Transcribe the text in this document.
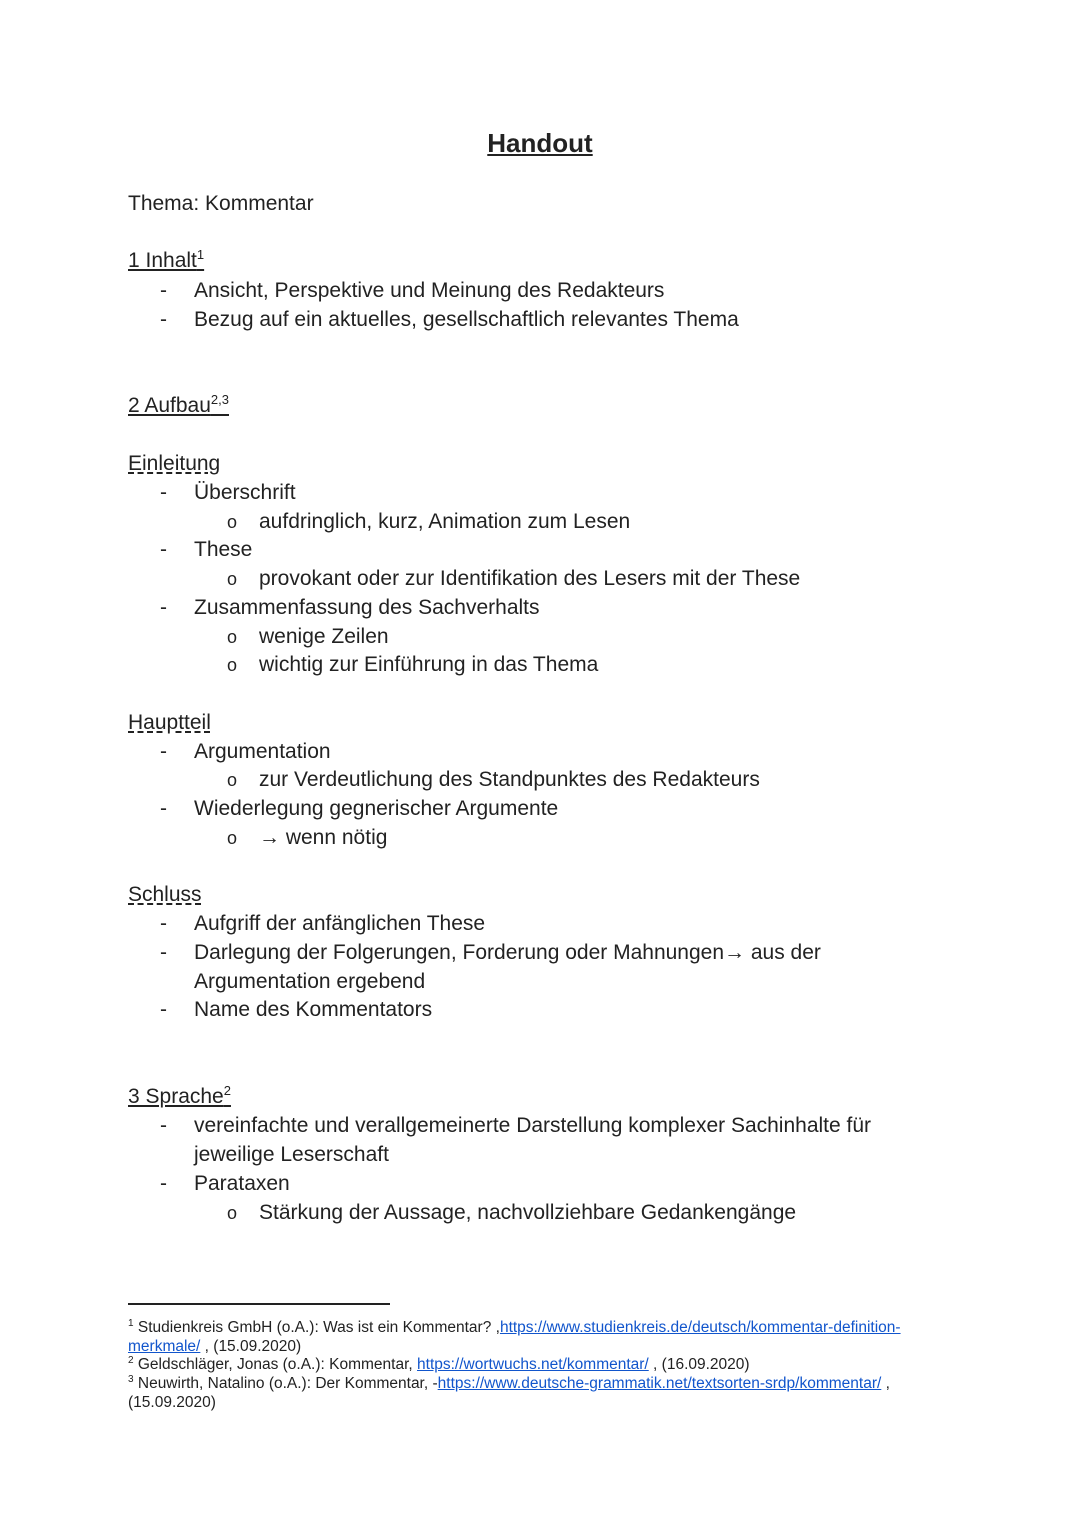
Handout
Thema: Kommentar
1 Inhalt$^1$
- Ansicht, Perspektive und Meinung des Redakteurs
- Bezug auf ein aktuelles, gesellschaftlich relevantes Thema
2 Aufbau$^{2,3}$
Einleitung
- Überschrift
o aufdringlich, kurz, Animation zum Lesen
- These
o provokant oder zur Identifikation des Lesers mit der These
- Zusammenfassung des Sachverhalts
o wenige Zeilen
o wichtig zur Einführung in das Thema
Hauptteil
- Argumentation
o zur Verdeutlichung des Standpunktes des Redakteurs
- Wiederlegung gegnerischer Argumente
o → wenn nötig
Schluss
- Aufgriff der anfänglichen These
- Darlegung der Folgerungen, Forderung oder Mahnungen→ aus der
Argumentation ergebend
- Name des Kommentators
3 Sprache$^2$
- vereinfachte und verallgemeinerte Darstellung komplexer Sachinhalte für
jeweilige Leserschaft
- Parataxen
o Stärkung der Aussage, nachvollziehbare Gedankengänge
$^1$ Studienkreis GmbH (o.A.): Was ist ein Kommentar? ,https://www.studienkreis.de/deutsch/kommentar-definition-
merkmale/ , (15.09.2020)
$^2$ Geldschläger, Jonas (o.A.): Kommentar, https://wortwuchs.net/kommentar/ , (16.09.2020)
$^3$ Neuwirth, Natalino (o.A.): Der Kommentar, -https://www.deutsche-grammatik.net/textsorten-srdp/kommentar/ ,
(15.09.2020)
